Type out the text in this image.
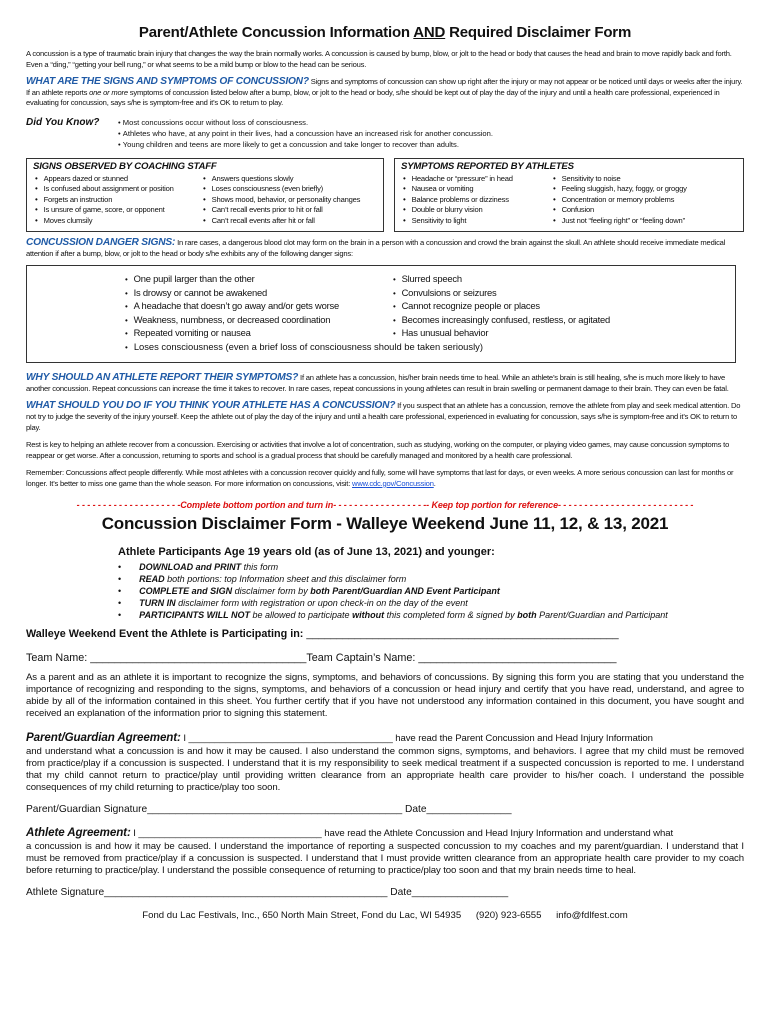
Parent/Athlete Concussion Information AND Required Disclaimer Form

A concussion is a type of traumatic brain injury that changes the way the brain normally works. A concussion is caused by bump, blow, or jolt to the head or body that causes the head and brain to move rapidly back and forth. Even a “ding,” “getting your bell rung,” or what seems to be a mild bump or blow to the head can be serious.

WHAT ARE THE SIGNS AND SYMPTOMS OF CONCUSSION? Signs and symptoms of concussion can show up right after the injury or may not appear or be noticed until days or weeks after the injury. If an athlete reports one or more symptoms of concussion listed below after a bump, blow, or jolt to the head or body, s/he should be kept out of play the day of the injury and until a health care professional, experienced in evaluating for concussion, says s/he is symptom-free and it’s OK to return to play.

Did You Know?
•	Most concussions occur without loss of consciousness.
• Athletes who have, at any point in their lives, had a concussion have an increased risk for another concussion.
• Young children and teens are more likely to get a concussion and take longer to recover than adults.
SIGNS OBSERVED BY COACHING STAFF
• Appears dazed or stunned
• Is confused about assignment or position
• Forgets an instruction
• Is unsure of game, score, or opponent
• Moves clumsily
• Answers questions slowly
• Loses consciousness (even briefly)
• Shows mood, behavior, or personality changes
• Can’t recall events prior to hit or fall
• Can’t recall events after hit or fall
SYMPTOMS REPORTED BY ATHLETES
• Headache or “pressure” in head
• Nausea or vomiting
• Balance problems or dizziness
• Double or blurry vision
• Sensitivity to light
• Sensitivity to noise
• Feeling sluggish, hazy, foggy, or groggy
• Concentration or memory problems
• Confusion
• Just not “feeling right” or “feeling down”

CONCUSSION DANGER SIGNS: In rare cases, a dangerous blood clot may form on the brain in a person with a concussion and crowd the brain against the skull. An athlete should receive immediate medical attention if after a bump, blow, or jolt to the head or body s/he exhibits any of the following danger signs:

• One pupil larger than the other
• Is drowsy or cannot be awakened
• A headache that doesn’t go away and/or gets worse
• Weakness, numbness, or decreased coordination
• Repeated vomiting or nausea
• Slurred speech
• Convulsions or seizures
• Cannot recognize people or places
• Becomes increasingly confused, restless, or agitated
• Has unusual behavior
• Loses consciousness (even a brief loss of consciousness should be taken seriously)

WHY SHOULD AN ATHLETE REPORT THEIR SYMPTOMS? If an athlete has a concussion, his/her brain needs time to heal. While an athlete’s brain is still healing, s/he is much more likely to have another concussion. Repeat concussions can increase the time it takes to recover. In rare cases, repeat concussions in young athletes can result in brain swelling or permanent damage to their brain. They can even be fatal.

WHAT SHOULD YOU DO IF YOU THINK YOUR ATHLETE HAS A CONCUSSION? If you suspect that an athlete has a concussion, remove the athlete from play and seek medical attention. Do not try to judge the severity of the injury yourself. Keep the athlete out of play the day of the injury and until a health care professional, experienced in evaluating for concussion, says s/he is symptom-free and it’s OK to return to play.

Rest is key to helping an athlete recover from a concussion. Exercising or activities that involve a lot of concentration, such as studying, working on the computer, or playing video games, may cause concussion symptoms to reappear or get worse. After a concussion, returning to sports and school is a gradual process that should be carefully managed and monitored by a health care professional.

Remember: Concussions affect people differently. While most athletes with a concussion recover quickly and fully, some will have symptoms that last for days, or even weeks. A more serious concussion can last for months or longer. It’s better to miss one game than the whole season. For more information on concussions, visit: www.cdc.gov/Concussion.

- - - - - - - - - - - - - - - - - - - -Complete bottom portion and turn in- - - - - - - - - - - - - - - - - -- Keep top portion for reference- - - - - - - - - - - - - - - - - - - - - - - - - -
Concussion Disclaimer Form - Walleye Weekend June 11, 12, & 13, 2021
Athlete Participants Age 19 years old (as of June 13, 2021) and younger:
• DOWNLOAD and PRINT this form
• READ both portions: top Information sheet and this disclaimer form
• COMPLETE and SIGN disclaimer form by both Parent/Guardian AND Event Participant
• TURN IN disclaimer form with registration or upon check-in on the day of the event
• PARTICIPANTS WILL NOT be allowed to participate without this completed form & signed by both Parent/Guardian and Participant
Walleye Weekend Event the Athlete is Participating in: ____________________________________________________
Team Name: ____________________________________Team Captain’s Name: _________________________________

As a parent and as an athlete it is important to recognize the signs, symptoms, and behaviors of concussions. By signing this form you are stating that you understand the importance of recognizing and responding to the signs, symptoms, and behaviors of a concussion or head injury and certify that you have read, understand, and agree to abide by all of the information contained in this sheet. You further certify that if you have not understood any information contained in this document, you have sought and received an explanation of the information prior to signing this statement.

Parent/Guardian Agreement: I _______________________________________ have read the Parent Concussion and Head Injury Information

and understand what a concussion is and how it may be caused. I also understand the common signs, symptoms, and behaviors. I agree that my child must be removed from practice/play if a concussion is suspected. I understand that it is my responsibility to seek medical treatment if a suspected concussion is reported to me. I understand that my child cannot return to practice/play until providing written clearance from an appropriate health care provider to his/her coach. I understand the possible consequences of my child returning to practice/play too soon.

Parent/Guardian Signature_____________________________________________ Date_______________

Athlete Agreement: I ___________________________________ have read the Athlete Concussion and Head Injury Information and understand what

a concussion is and how it may be caused. I understand the importance of reporting a suspected concussion to my coaches and my parent/guardian. I understand that I must be removed from practice/play if a concussion is suspected. I understand that I must provide written clearance from an appropriate health care provider to my coach before returning to practice/play. I understand the possible consequence of returning to practice/play too soon and that my brain needs time to heal.

Athlete Signature__________________________________________________ Date_________________
Fond du Lac Festivals, Inc., 650 North Main Street, Fond du Lac, WI 54935 (920) 923-6555 info@fdlfest.com
